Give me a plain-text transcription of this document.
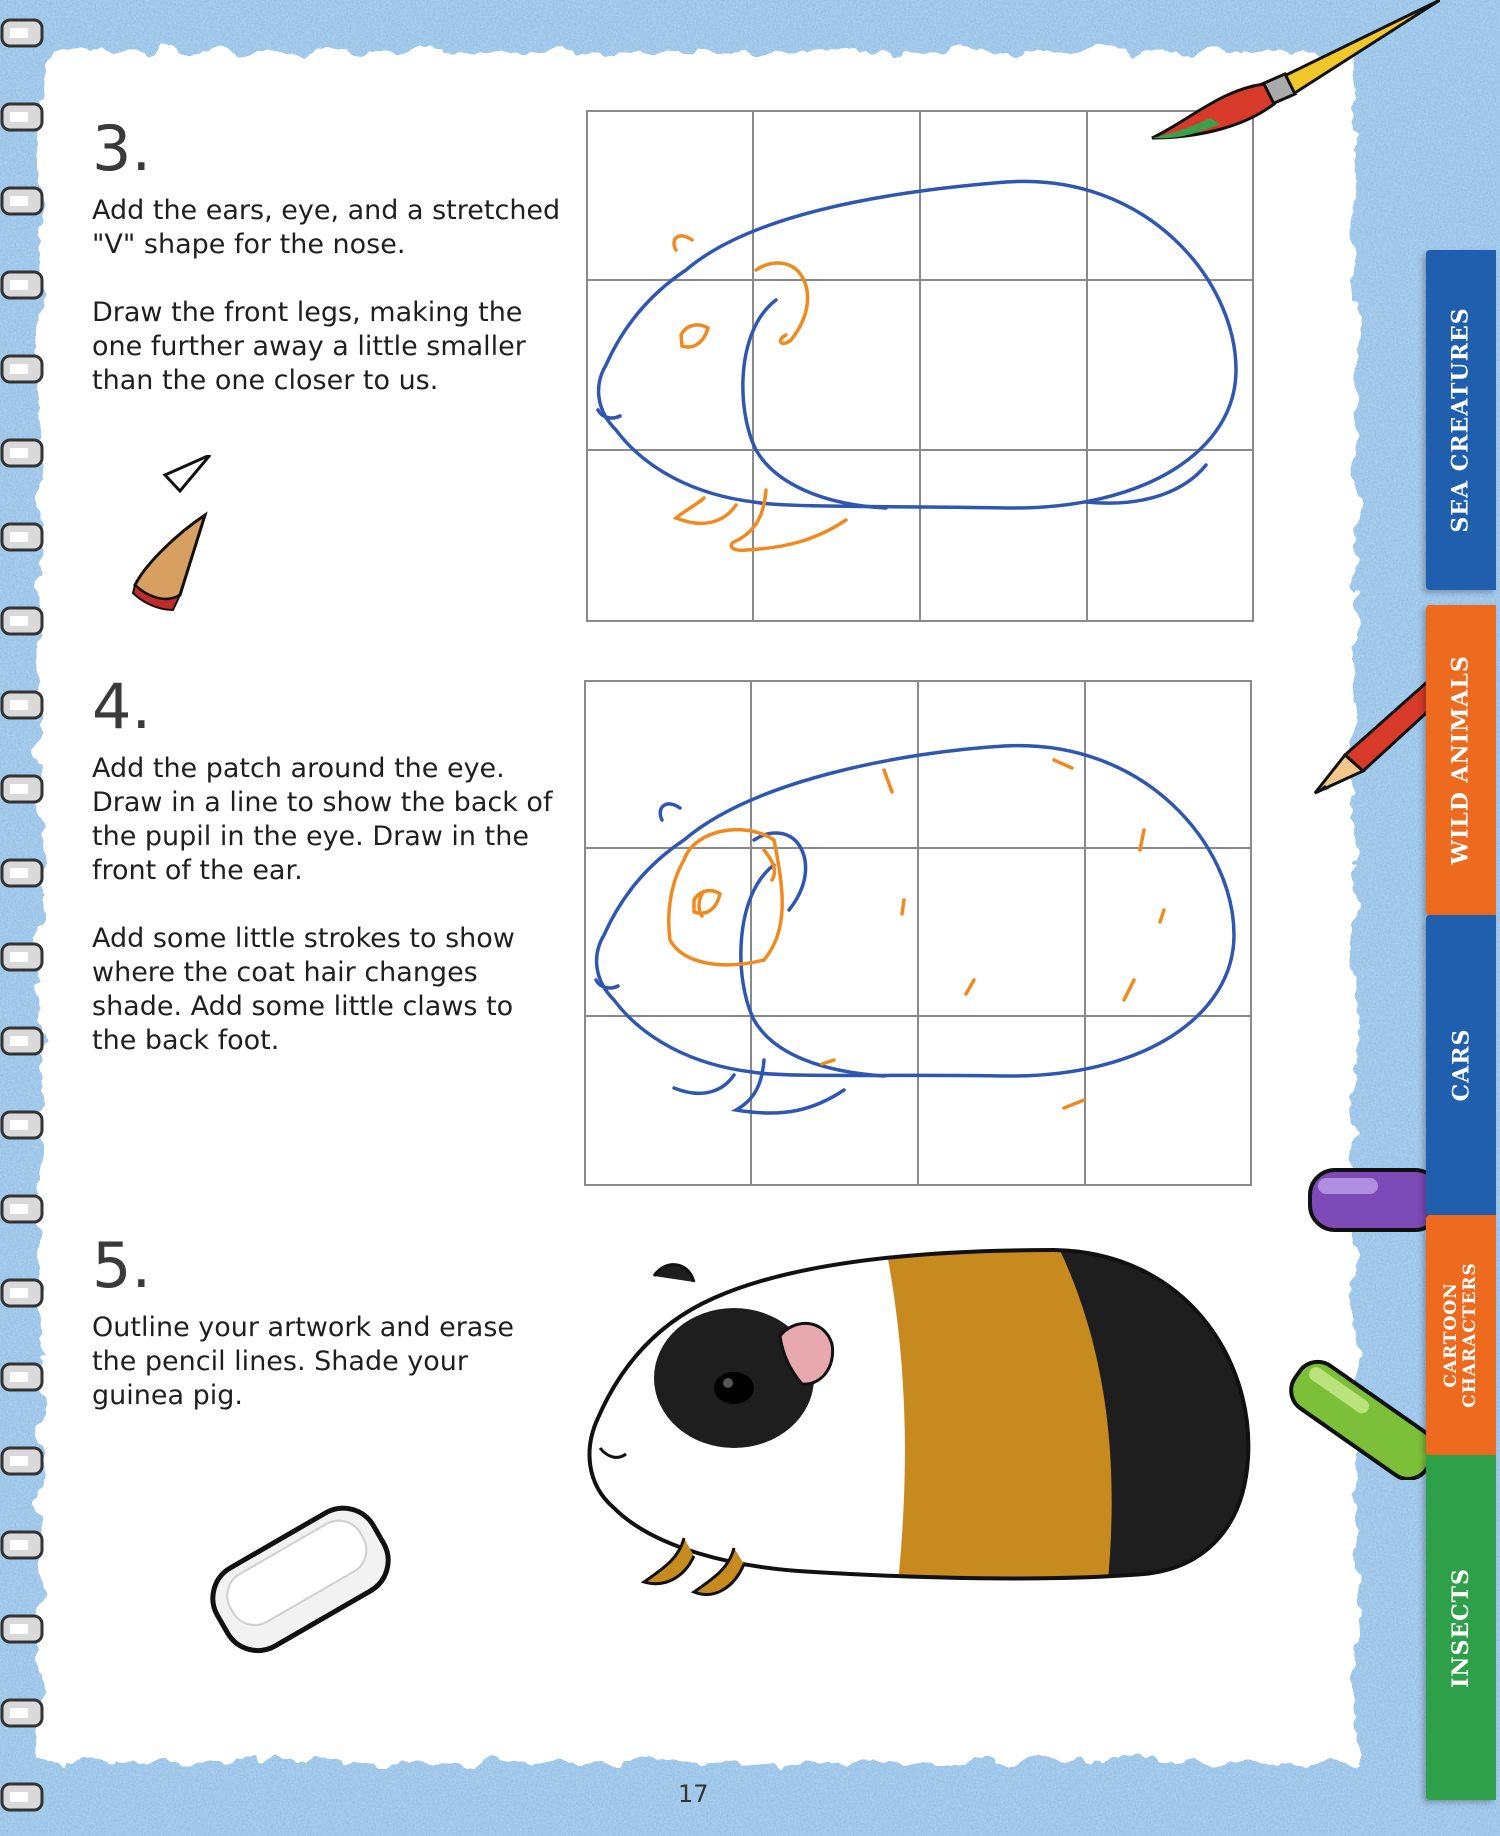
3.

Add the ears, eye, and a stretched "V" shape for the nose.

Draw the front legs, making the one further away a little smaller than the one closer to us.

4.

Add the patch around the eye. Draw in a line to show the back of the pupil in the eye. Draw in the front of the ear.

Add some little strokes to show where the coat hair changes shade. Add some little claws to the back foot.

5.

Outline your artwork and erase the pencil lines. Shade your guinea pig.

SEA CREATURES
WILD ANIMALS
CARS
CARTOON CHARACTERS
INSECTS
17
